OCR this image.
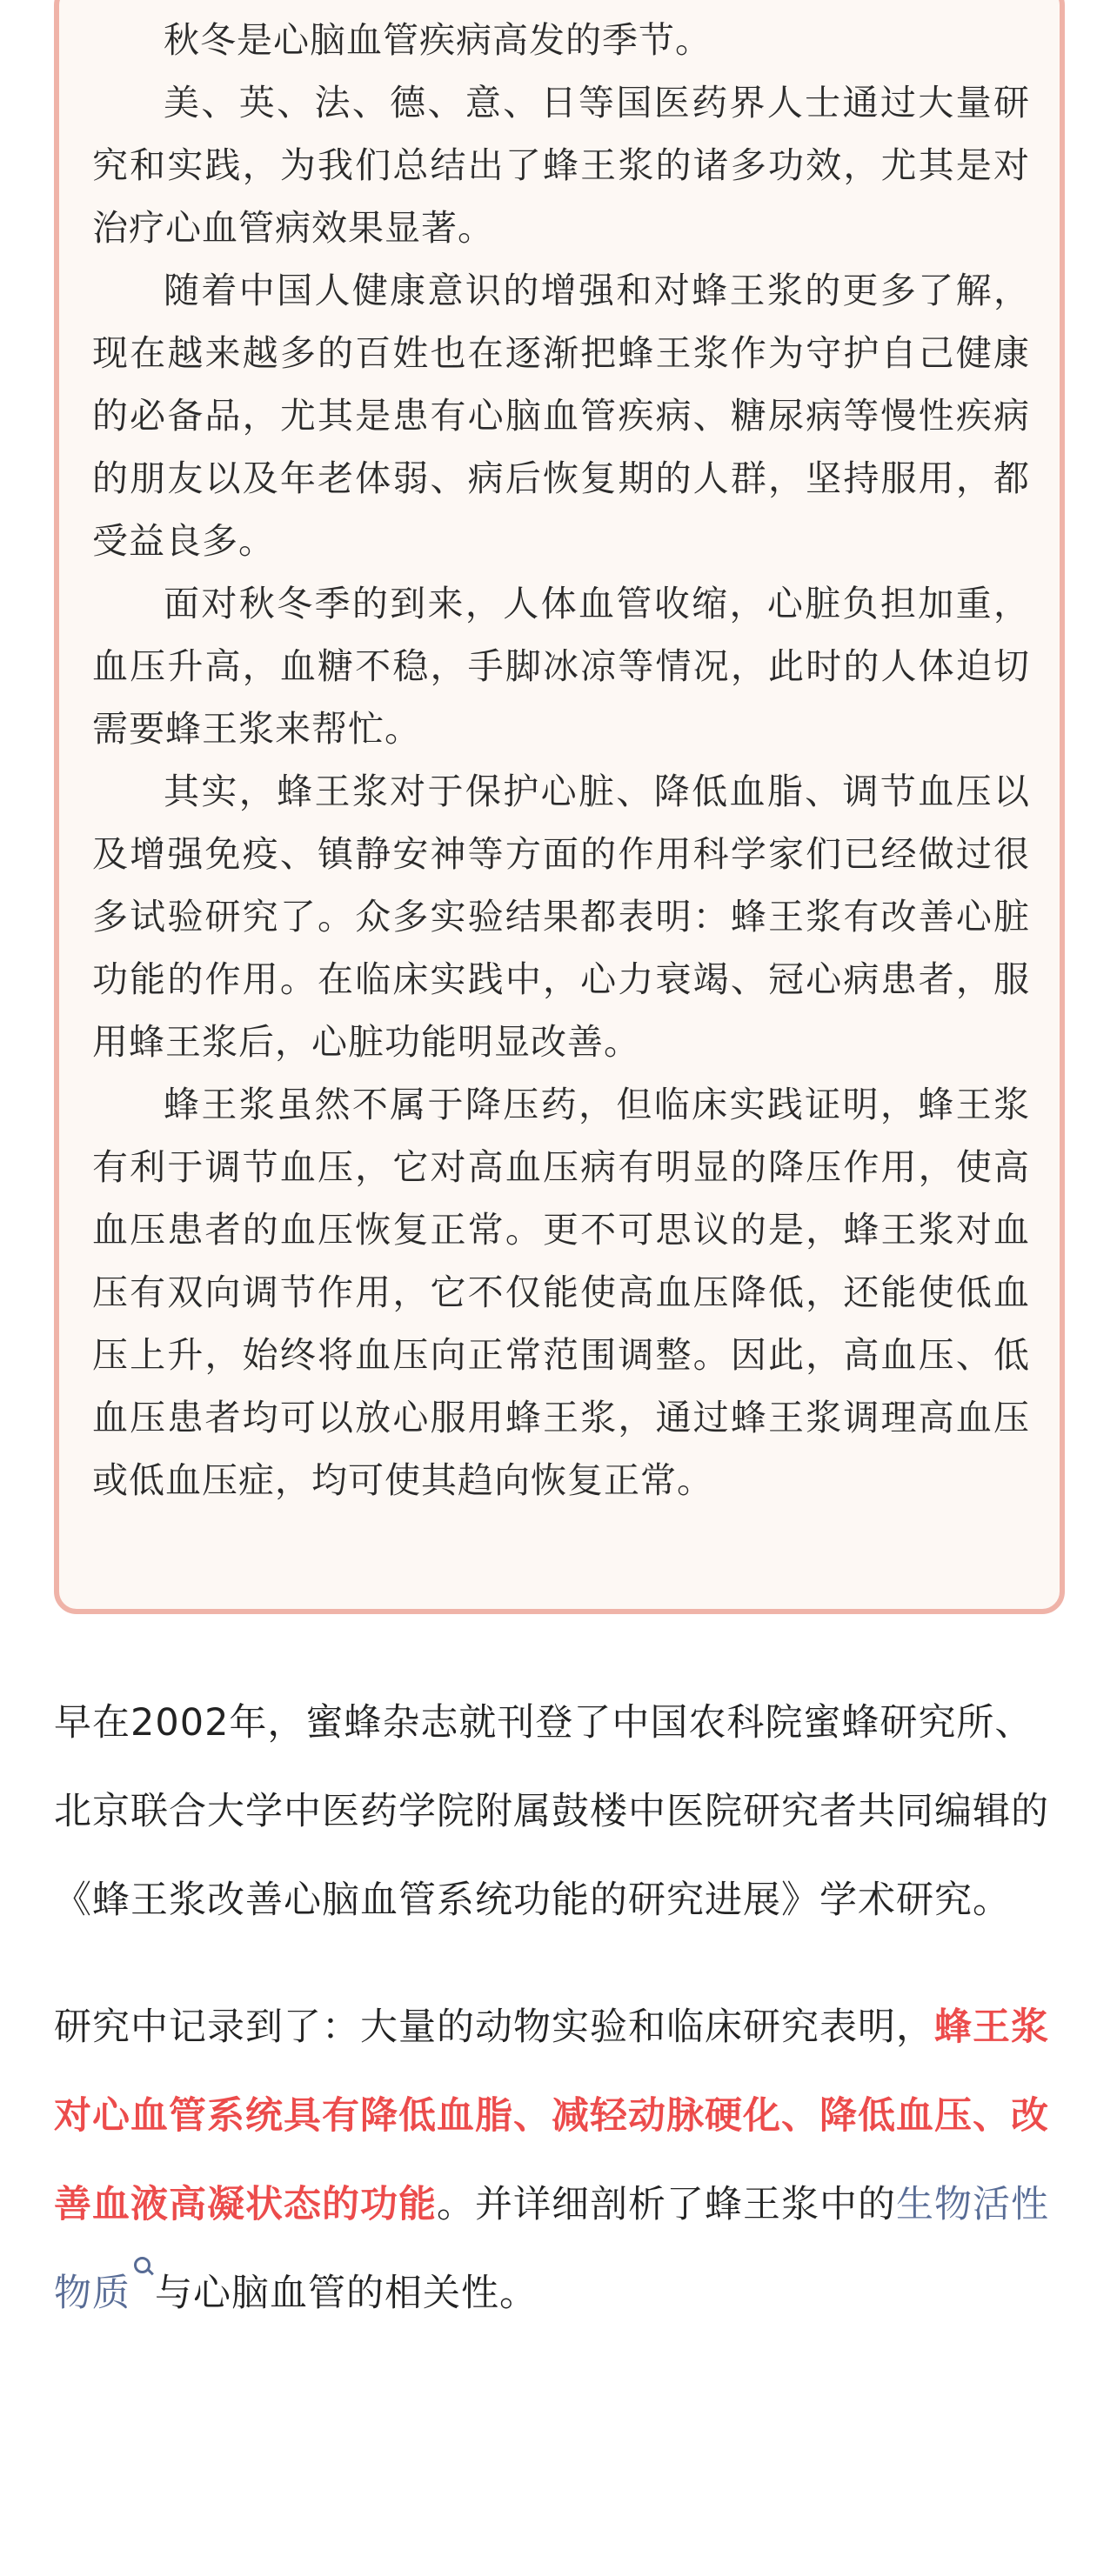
秋冬是心脑血管疾病高发的季节。

美、英、法、德、意、日等国医药界人士通过大量研究和实践，为我们总结出了蜂王浆的诸多功效，尤其是对治疗心血管病效果显著。

随着中国人健康意识的增强和对蜂王浆的更多了解，现在越来越多的百姓也在逐渐把蜂王浆作为守护自己健康的必备品，尤其是患有心脑血管疾病、糖尿病等慢性疾病的朋友以及年老体弱、病后恢复期的人群，坚持服用，都受益良多。

面对秋冬季的到来，人体血管收缩，心脏负担加重，血压升高，血糖不稳，手脚冰凉等情况，此时的人体迫切需要蜂王浆来帮忙。

其实，蜂王浆对于保护心脏、降低血脂、调节血压以及增强免疫、镇静安神等方面的作用科学家们已经做过很多试验研究了。众多实验结果都表明：蜂王浆有改善心脏功能的作用。在临床实践中，心力衰竭、冠心病患者，服用蜂王浆后，心脏功能明显改善。

蜂王浆虽然不属于降压药，但临床实践证明，蜂王浆有利于调节血压，它对高血压病有明显的降压作用，使高血压患者的血压恢复正常。更不可思议的是，蜂王浆对血压有双向调节作用，它不仅能使高血压降低，还能使低血压上升，始终将血压向正常范围调整。因此，高血压、低血压患者均可以放心服用蜂王浆，通过蜂王浆调理高血压或低血压症，均可使其趋向恢复正常。

早在2002年，蜜蜂杂志就刊登了中国农科院蜜蜂研究所、北京联合大学中医药学院附属鼓楼中医院研究者共同编辑的《蜂王浆改善心脑血管系统功能的研究进展》学术研究。

研究中记录到了：大量的动物实验和临床研究表明，蜂王浆对心血管系统具有降低血脂、减轻动脉硬化、降低血压、改善血液高凝状态的功能。并详细剖析了蜂王浆中的生物活性物质 与心脑血管的相关性。
